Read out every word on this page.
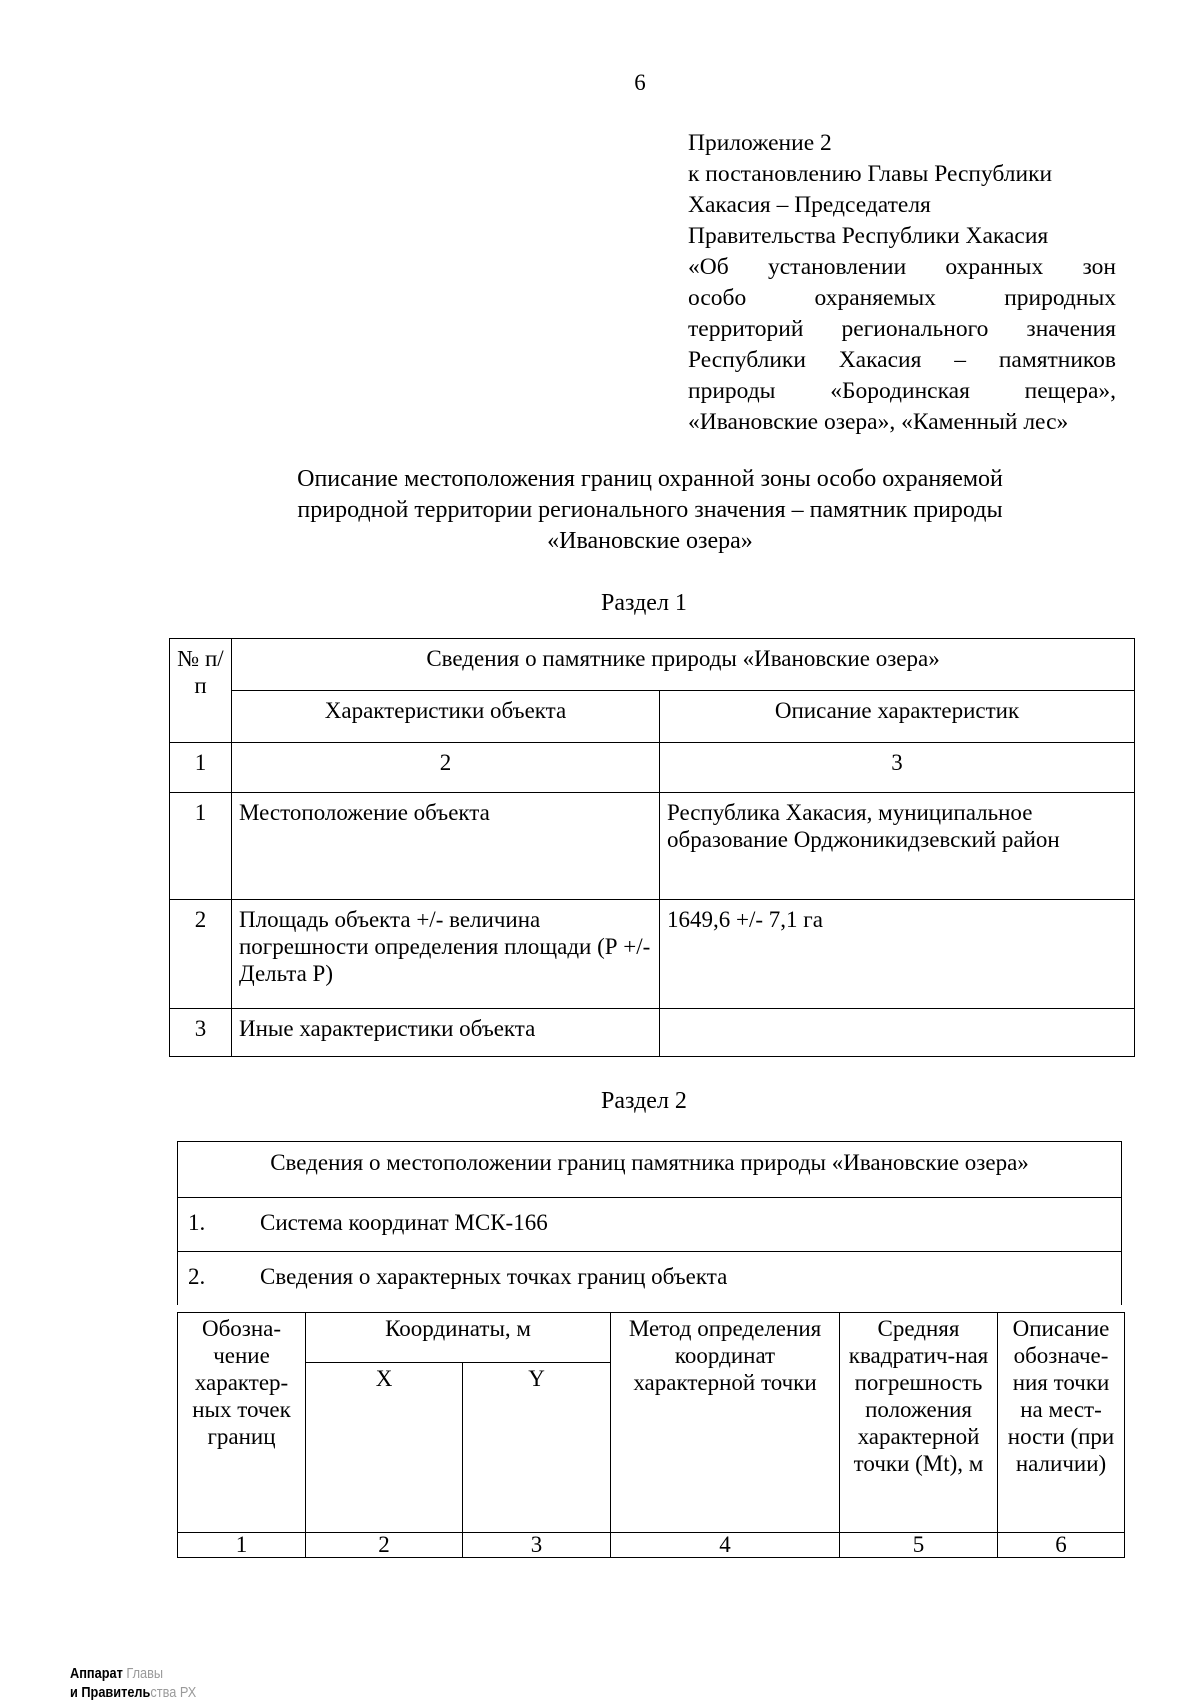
6
Приложение 2
к постановлению Главы Республики
Хакасия – Председателя
Правительства Республики Хакасия
«Об установлении охранных зон
особо охраняемых природных
территорий регионального значения
Республики Хакасия – памятников
природы «Бородинская пещера»,
«Ивановские озера», «Каменный лес»
Описание местоположения границ охранной зоны особо охраняемой
природной территории регионального значения – памятник природы
«Ивановские озера»
Раздел 1
№ п/п	Сведения о памятнике природы «Ивановские озера»	
	Характеристики объекта	Описание характеристик
1	2	3
1	Местоположение объекта	Республика Хакасия, муниципальное образование Орджоникидзевский район
2	Площадь объекта +/- величина погрешности определения площади (Р +/- Дельта Р)	1649,6 +/- 7,1 га
3	Иные характеристики объекта	
Раздел 2
Сведения о местоположении границ памятника природы «Ивановские озера»
1. Система координат МСК-166
2. Сведения о характерных точках границ объекта
Обозна-чение характер-ных точек границ	Координаты, м		Метод определения координат характерной точки	Средняя квадратич-ная погрешность положения характерной точки (Mt), м	Описание обозначе-ния точки на мест-ности (при наличии)
	X	Y			
1	2	3	4	5	6
Аппарат Главы
и Правительства РХ
